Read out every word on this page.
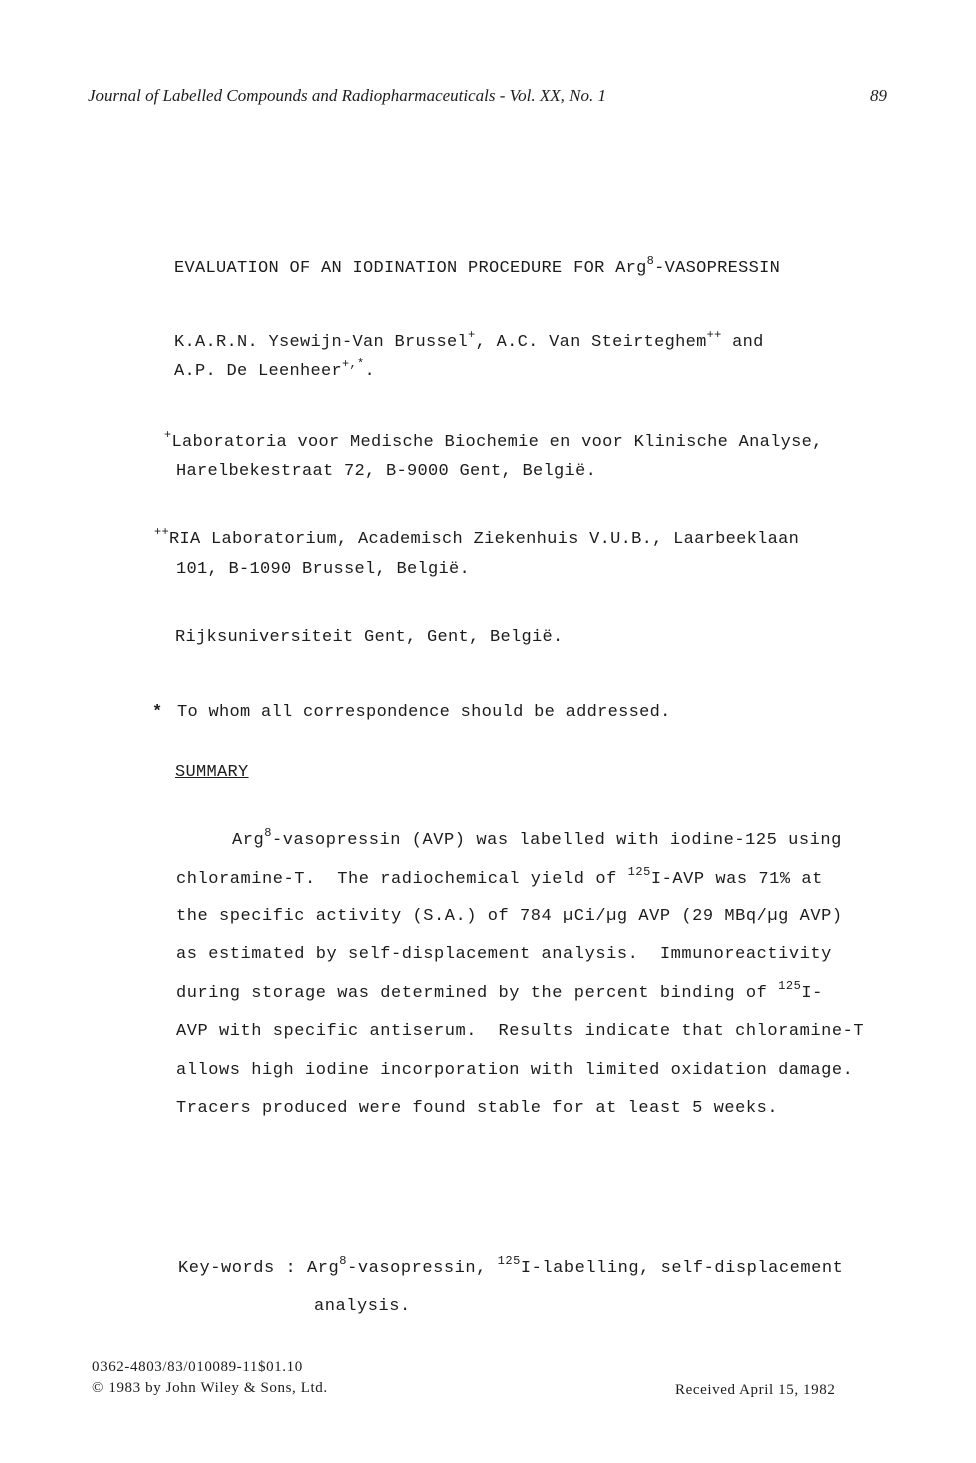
Journal of Labelled Compounds and Radiopharmaceuticals - Vol. XX, No. 1	89
EVALUATION OF AN IODINATION PROCEDURE FOR Arg$^8$-VASOPRESSIN
K.A.R.N. Ysewijn-Van Brussel+, A.C. Van Steirteghem++ and
A.P. De Leenheer+,*.
+Laboratoria voor Medische Biochemie en voor Klinische Analyse,
Harelbekestraat 72, B-9000 Gent, België.
++RIA Laboratorium, Academisch Ziekenhuis V.U.B., Laarbeeklaan
101, B-1090 Brussel, België.
Rijksuniversiteit Gent, Gent, België.
* To whom all correspondence should be addressed.
SUMMARY
Arg$^8$-vasopressin (AVP) was labelled with iodine-125 using
chloramine-T.  The radiochemical yield of $^{125}$I-AVP was 71% at
the specific activity (S.A.) of 784 µCi/µg AVP (29 MBq/µg AVP)
as estimated by self-displacement analysis.  Immunoreactivity
during storage was determined by the percent binding of $^{125}$I-
AVP with specific antiserum.  Results indicate that chloramine-T
allows high iodine incorporation with limited oxidation damage.
Tracers produced were found stable for at least 5 weeks.
Key-words : Arg$^8$-vasopressin, $^{125}$I-labelling, self-displacement
analysis.
0362-4803/83/010089-11$01.10
© 1983 by John Wiley & Sons, Ltd.	Received April 15, 1982
